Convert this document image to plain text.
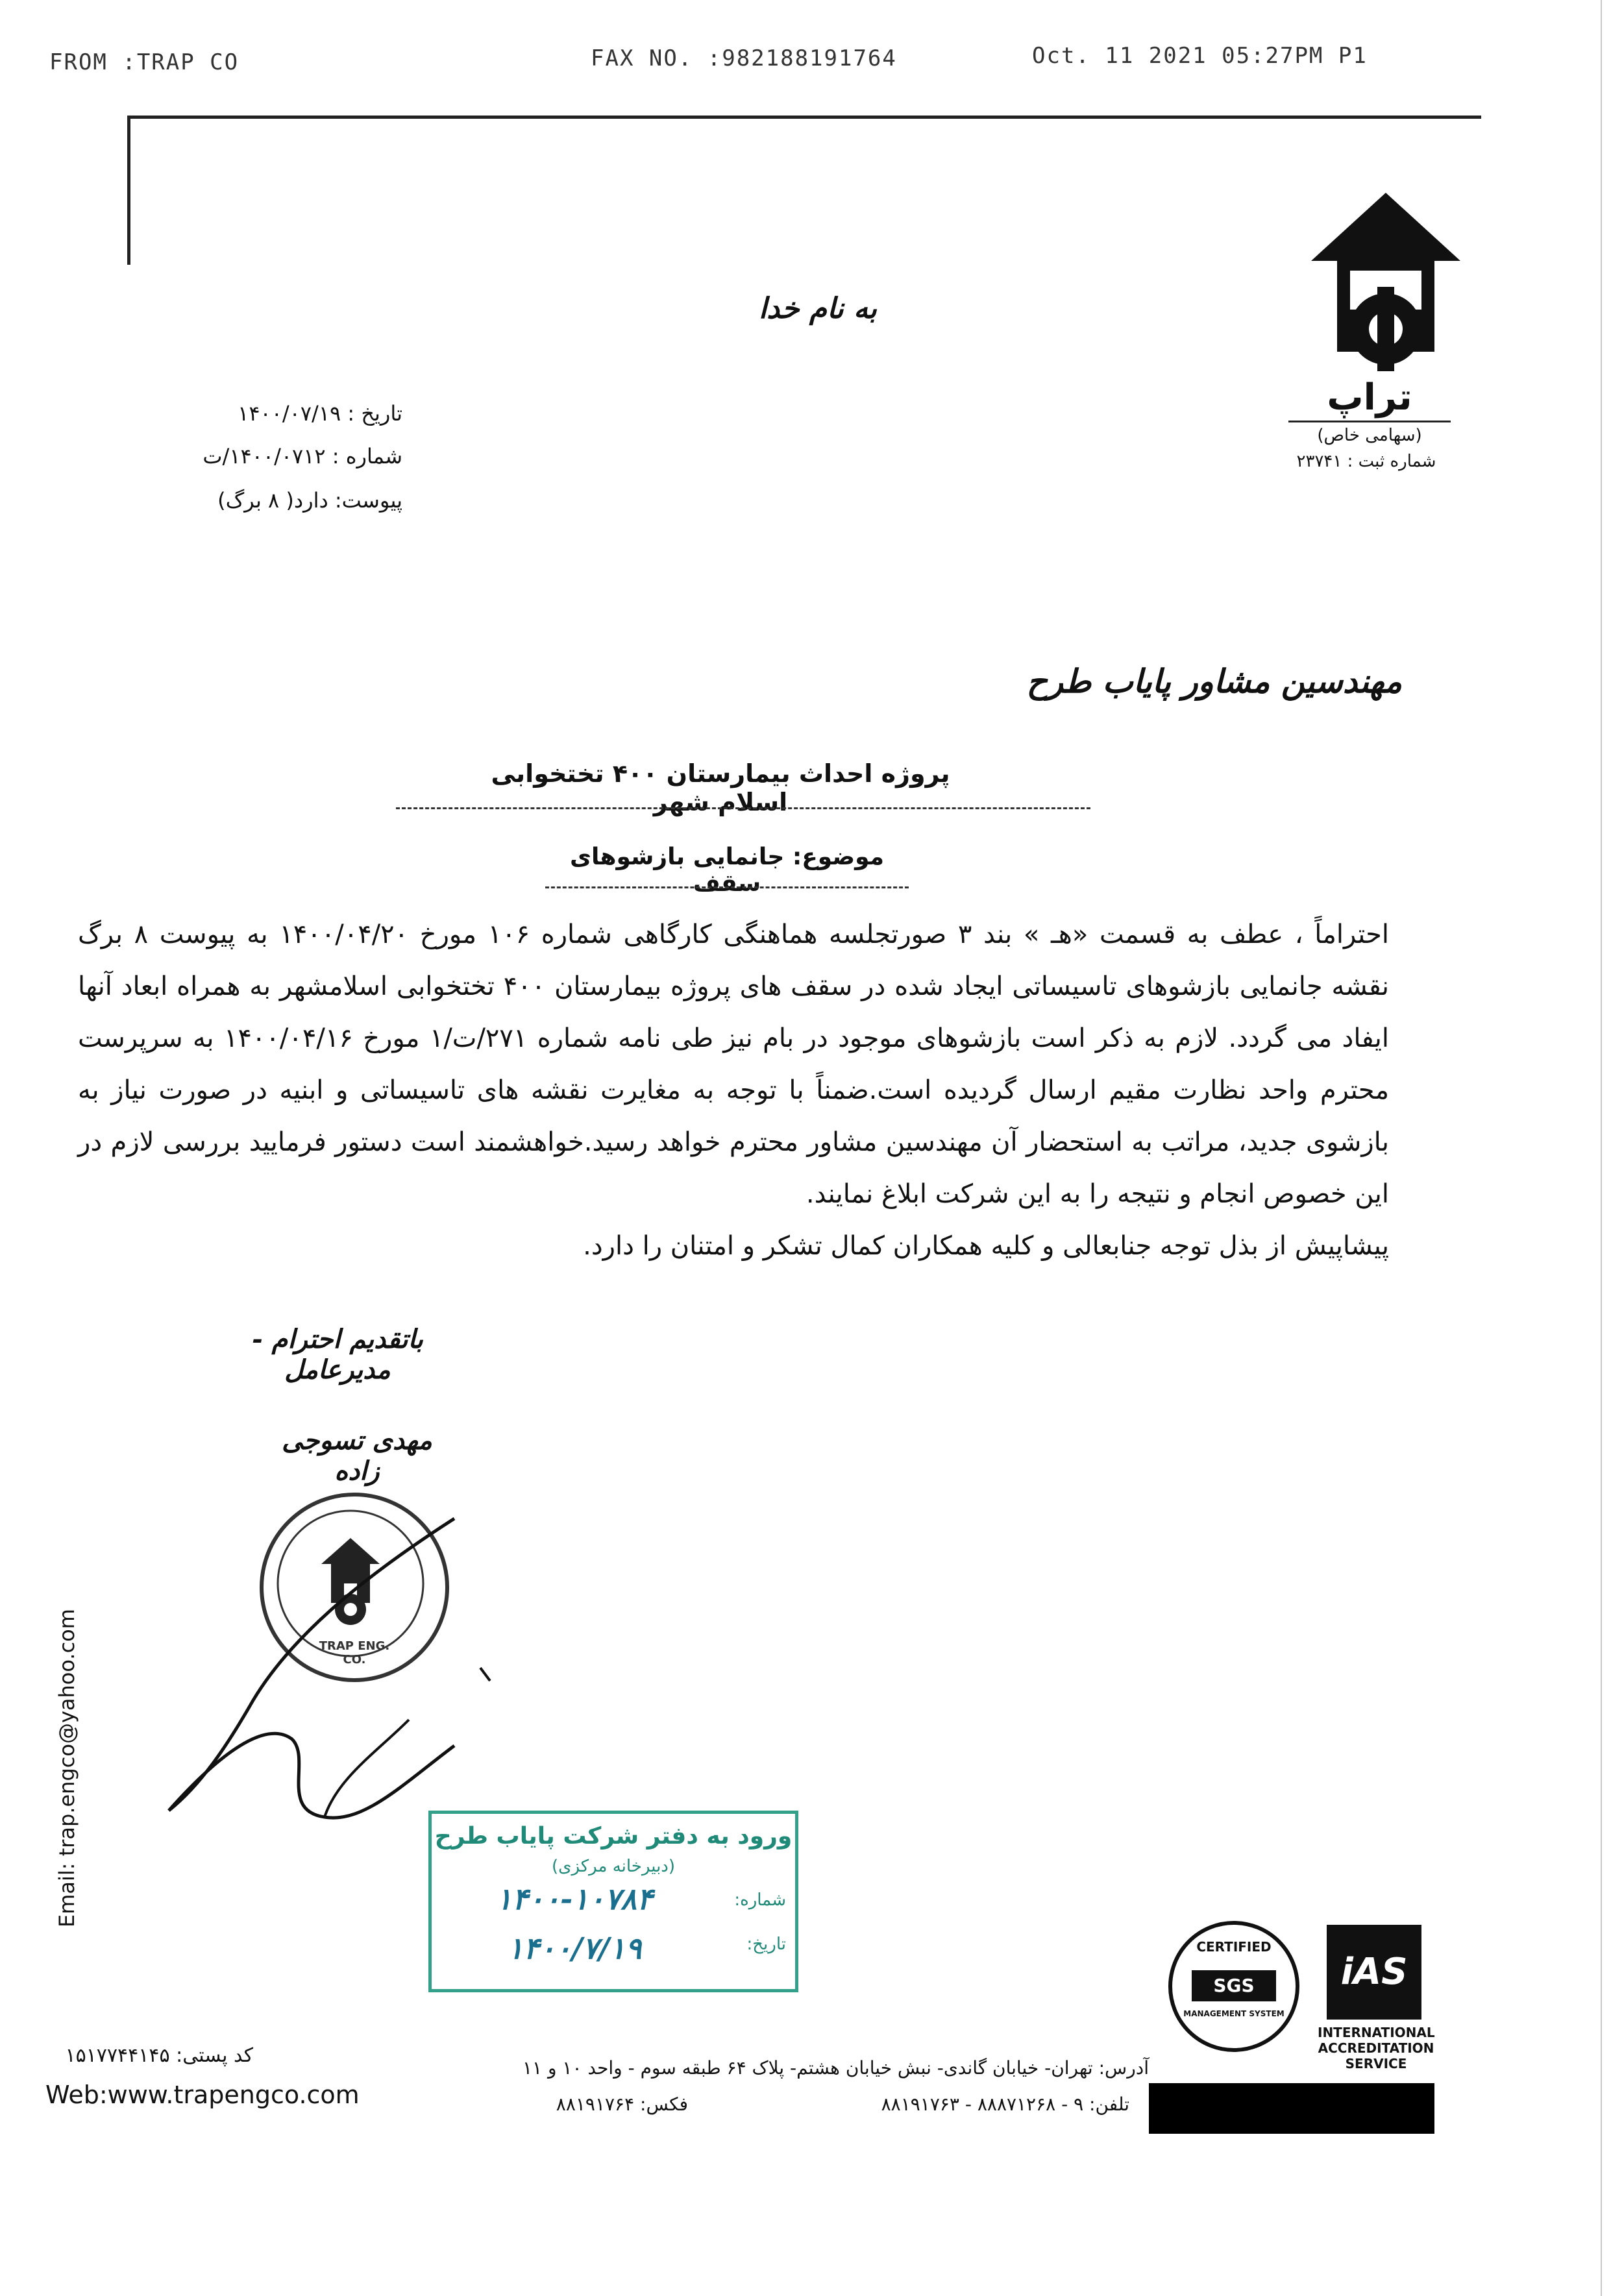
FROM :TRAP CO	FAX NO. :982188191764	Oct. 11 2021 05:27PM P1
تراپ
(سهامی خاص)
شماره ثبت : ۲۳۷۴۱
به نام خدا
تاریخ : ۱۴۰۰/۰۷/۱۹
شماره : ۱۴۰۰/۰۷۱۲/ت
پیوست: دارد( ۸ برگ)
مهندسین مشاور پایاب طرح
پروژه احداث بیمارستان ۴۰۰ تختخوابی اسلام شهر
موضوع: جانمایی بازشوهای سقف

احتراماً ، عطف به قسمت «هـ » بند ۳ صورتجلسه هماهنگی کارگاهی شماره ۱۰۶ مورخ ۱۴۰۰/۰۴/۲۰ به پیوست ۸ برگ نقشه جانمایی بازشوهای تاسیساتی ایجاد شده در سقف های پروژه بیمارستان ۴۰۰ تختخوابی اسلامشهر به همراه ابعاد آنها ایفاد می گردد. لازم به ذکر است بازشوهای موجود در بام نیز طی نامه شماره ۲۷۱/ت/۱ مورخ ۱۴۰۰/۰۴/۱۶ به سرپرست محترم واحد نظارت مقیم ارسال گردیده است.ضمناً با توجه به مغایرت نقشه های تاسیساتی و ابنیه در صورت نیاز به بازشوی جدید، مراتب به استحضار آن مهندسین مشاور محترم خواهد رسید.خواهشمند است دستور فرمایید بررسی لازم در این خصوص انجام و نتیجه را به این شرکت ابلاغ نمایند.

پیشاپیش از بذل توجه جنابعالی و کلیه همکاران کمال تشکر و امتنان را دارد.

باتقدیم احترام - مدیرعامل
مهدی تسوجی زاده
TRAP ENG. CO.
Email: trap.engco@yahoo.com	ورود به دفتر شرکت پایاب طرح
(دبیرخانه مرکزی)
شماره:
۱۴۰۰-۱۰۷۸۴
تاریخ:
۱۴۰۰/۷/۱۹	CERTIFIED
SGS
MANAGEMENT SYSTEM
iAS
INTERNATIONAL
ACCREDITATION
SERVICE
کد پستی: ۱۵۱۷۷۴۴۱۴۵
Web:www.trapengco.com
آدرس: تهران- خیابان گاندی- نبش خیابان هشتم- پلاک ۶۴ طبقه سوم - واحد ۱۰ و ۱۱
فکس: ۸۸۱۹۱۷۶۴	تلفن: ۹ - ۸۸۸۷۱۲۶۸ - ۸۸۱۹۱۷۶۳
